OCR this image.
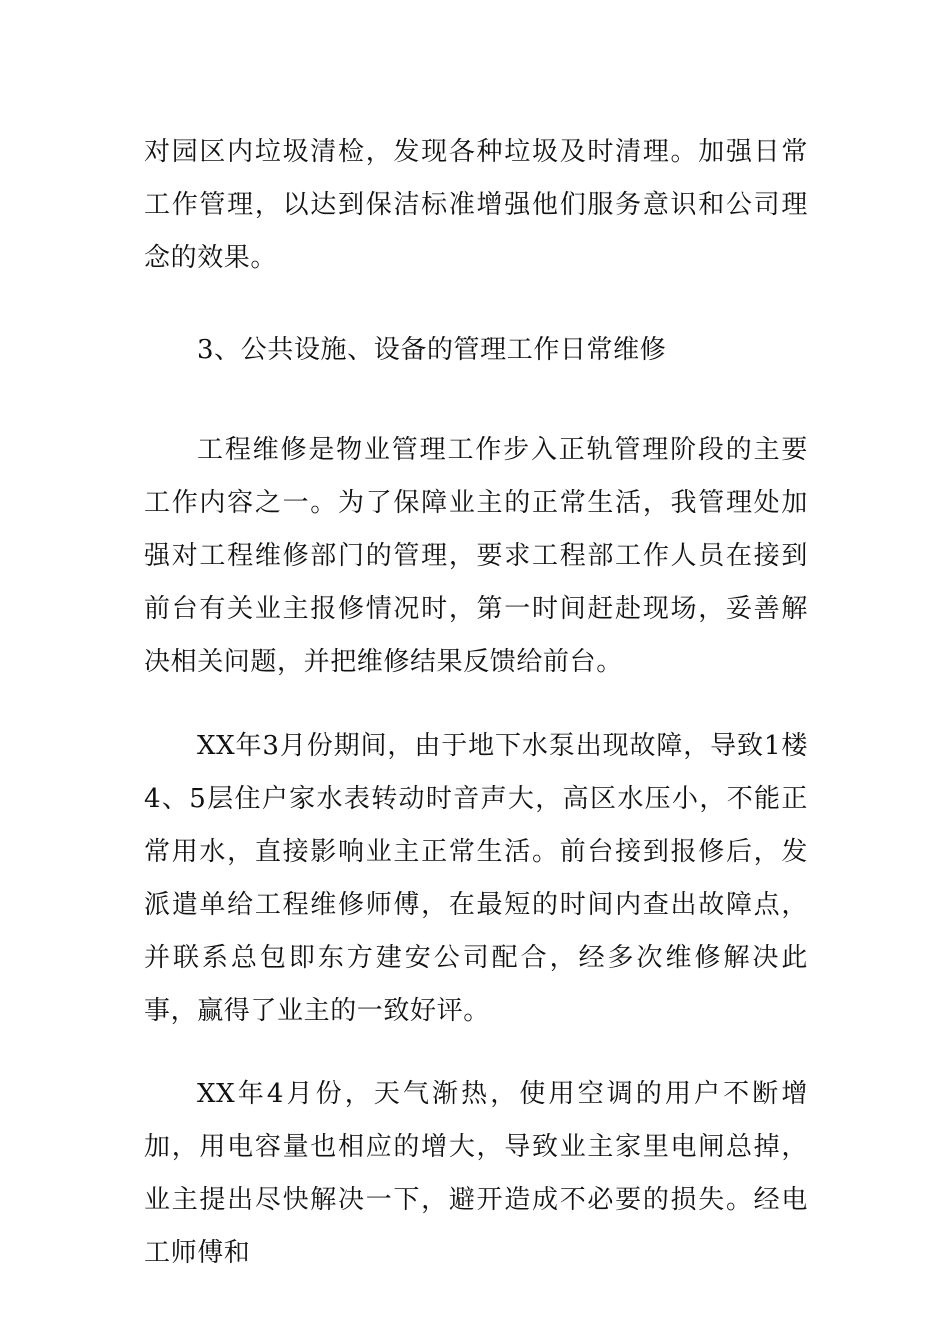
对园区内垃圾清检，发现各种垃圾及时清理。加强日常工作管理，以达到保洁标准增强他们服务意识和公司理念的效果。

3、公共设施、设备的管理工作日常维修

工程维修是物业管理工作步入正轨管理阶段的主要工作内容之一。为了保障业主的正常生活，我管理处加强对工程维修部门的管理，要求工程部工作人员在接到前台有关业主报修情况时，第一时间赶赴现场，妥善解决相关问题，并把维修结果反馈给前台。

XX年3月份期间，由于地下水泵出现故障，导致1楼4、5层住户家水表转动时音声大，高区水压小，不能正常用水，直接影响业主正常生活。前台接到报修后，发派遣单给工程维修师傅，在最短的时间内查出故障点，并联系总包即东方建安公司配合，经多次维修解决此事，赢得了业主的一致好评。

XX年4月份，天气渐热，使用空调的用户不断增加，用电容量也相应的增大，导致业主家里电闸总掉，业主提出尽快解决一下，避开造成不必要的损失。经电工师傅和
